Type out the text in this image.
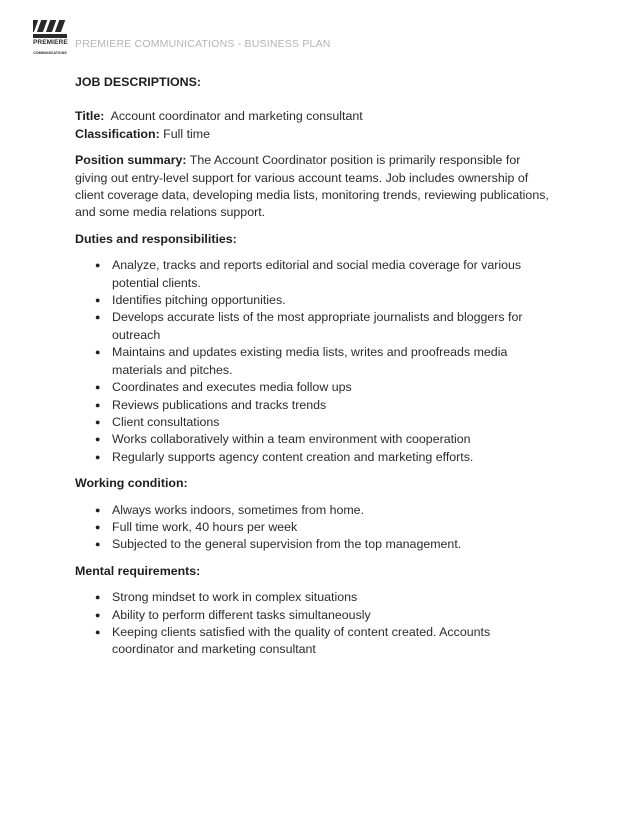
PREMIERE
COMMUNICATIONS
PREMIERE COMMUNICATIONS - BUSINESS PLAN

JOB DESCRIPTIONS:

Title: Account coordinator and marketing consultant

Classification: Full time

Position summary: The Account Coordinator position is primarily responsible for giving out entry-level support for various account teams. Job includes ownership of client coverage data, developing media lists, monitoring trends, reviewing publications, and some media relations support.

Duties and responsibilities:

● Analyze, tracks and reports editorial and social media coverage for various potential clients.
● Identifies pitching opportunities.
● Develops accurate lists of the most appropriate journalists and bloggers for outreach
● Maintains and updates existing media lists, writes and proofreads media materials and pitches.
● Coordinates and executes media follow ups
● Reviews publications and tracks trends
● Client consultations
● Works collaboratively within a team environment with cooperation
● Regularly supports agency content creation and marketing efforts.

Working condition:

● Always works indoors, sometimes from home.
● Full time work, 40 hours per week
● Subjected to the general supervision from the top management.

Mental requirements:

● Strong mindset to work in complex situations
● Ability to perform different tasks simultaneously
● Keeping clients satisfied with the quality of content created. Accounts coordinator and marketing consultant
